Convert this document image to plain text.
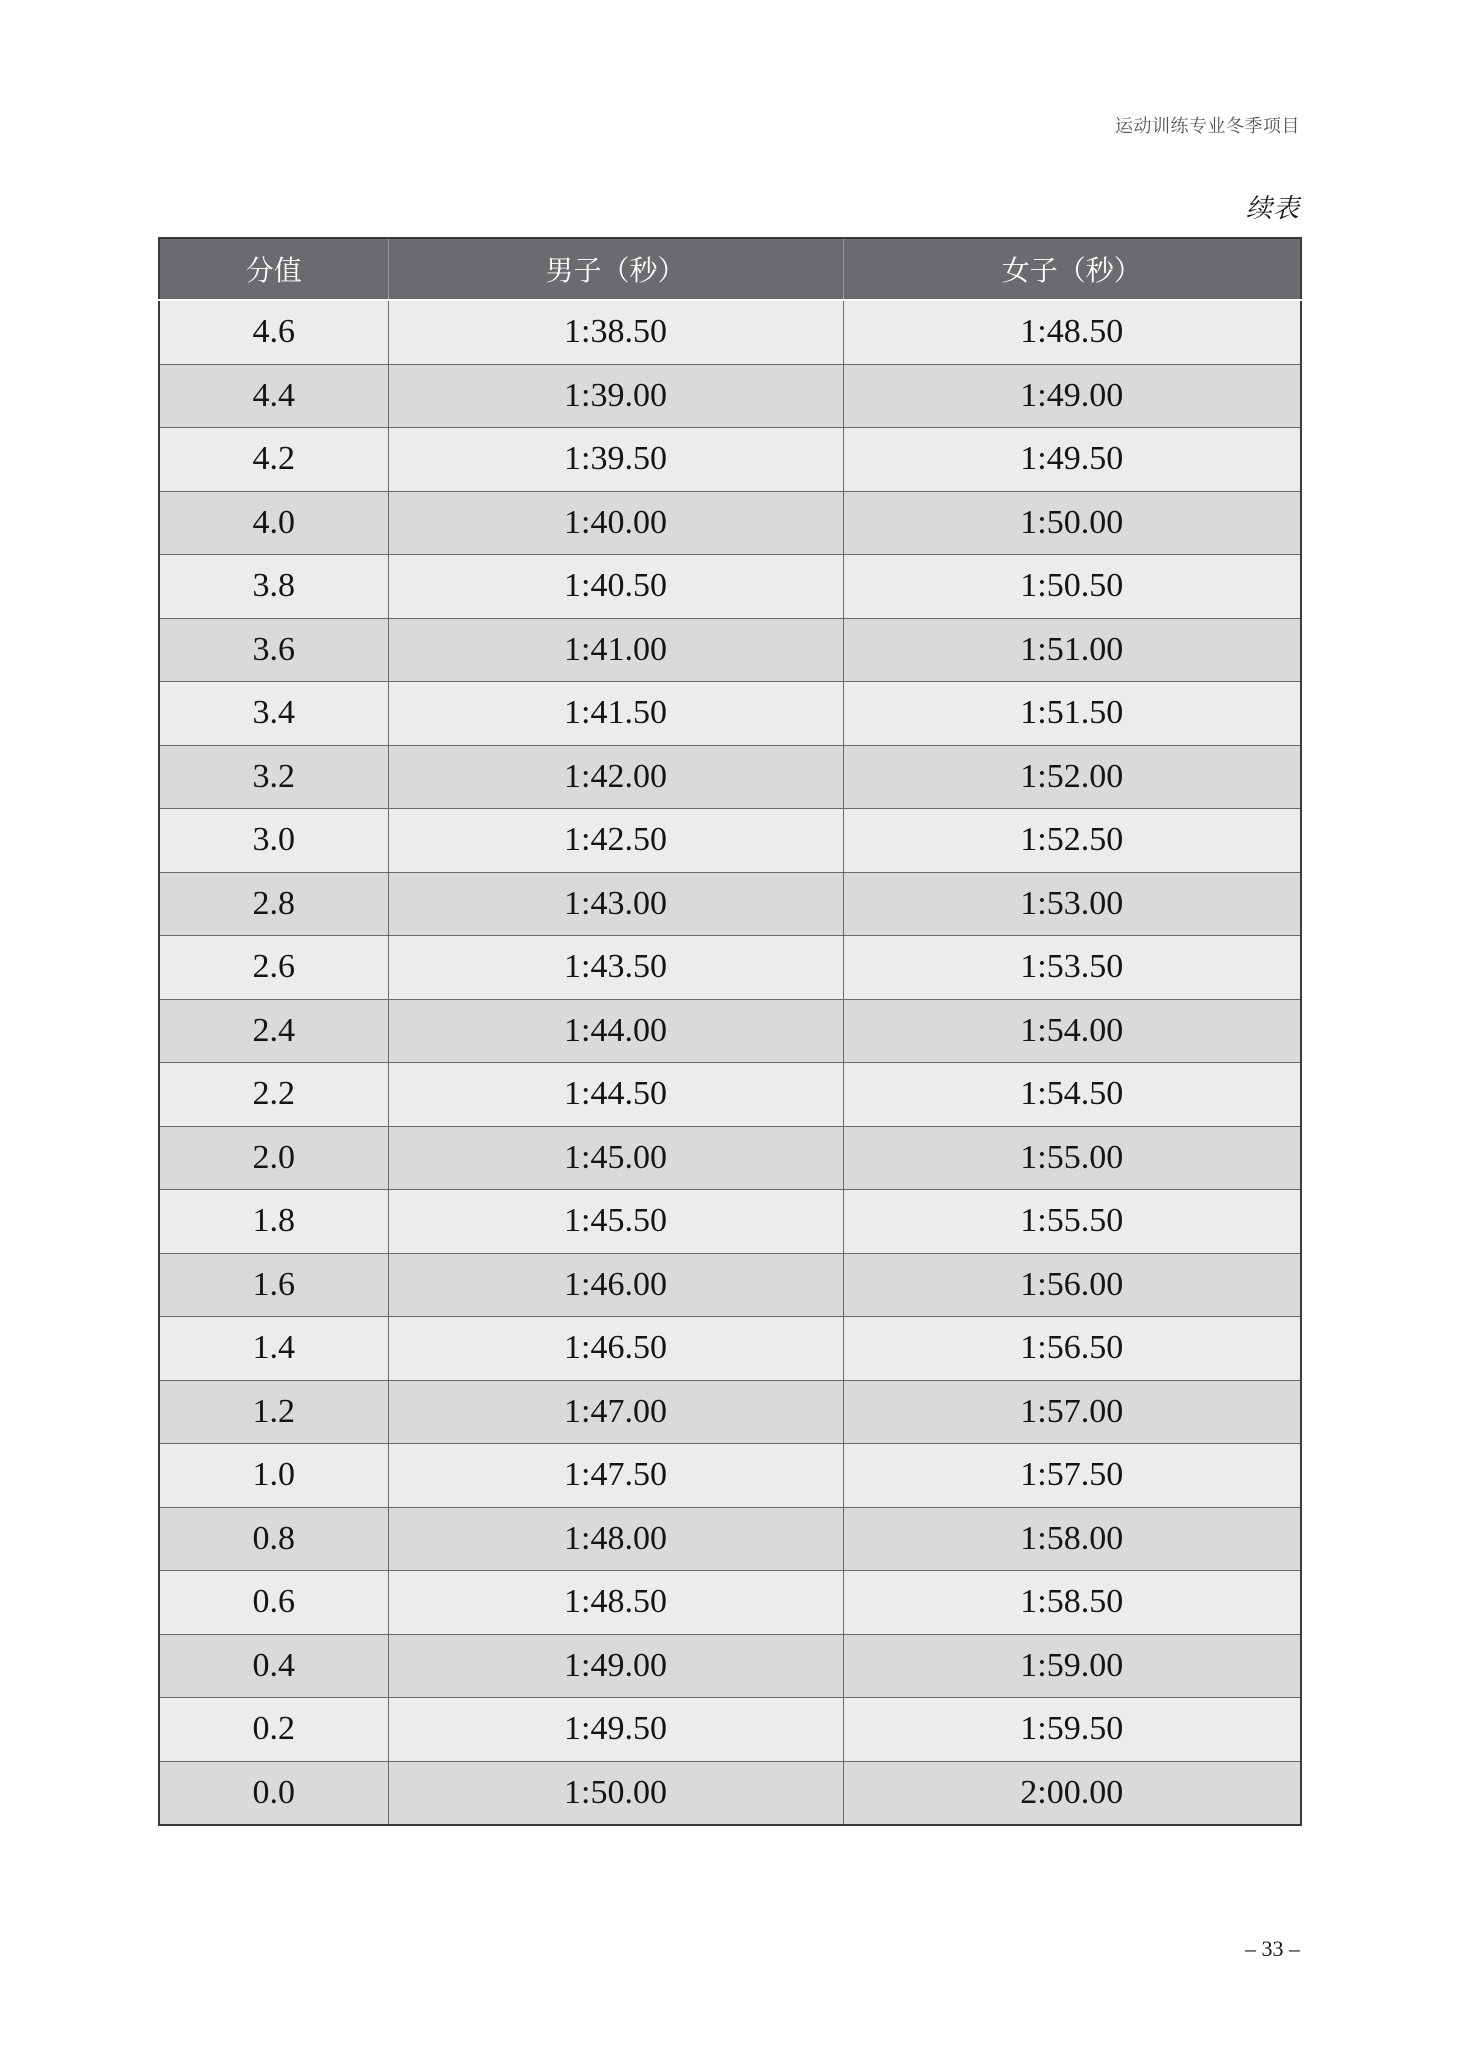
运动训练专业冬季项目
续表
分值	男子（秒）	女子（秒）
4.6	1:38.50	1:48.50
4.4	1:39.00	1:49.00
4.2	1:39.50	1:49.50
4.0	1:40.00	1:50.00
3.8	1:40.50	1:50.50
3.6	1:41.00	1:51.00
3.4	1:41.50	1:51.50
3.2	1:42.00	1:52.00
3.0	1:42.50	1:52.50
2.8	1:43.00	1:53.00
2.6	1:43.50	1:53.50
2.4	1:44.00	1:54.00
2.2	1:44.50	1:54.50
2.0	1:45.00	1:55.00
1.8	1:45.50	1:55.50
1.6	1:46.00	1:56.00
1.4	1:46.50	1:56.50
1.2	1:47.00	1:57.00
1.0	1:47.50	1:57.50
0.8	1:48.00	1:58.00
0.6	1:48.50	1:58.50
0.4	1:49.00	1:59.00
0.2	1:49.50	1:59.50
0.0	1:50.00	2:00.00
– 33 –
